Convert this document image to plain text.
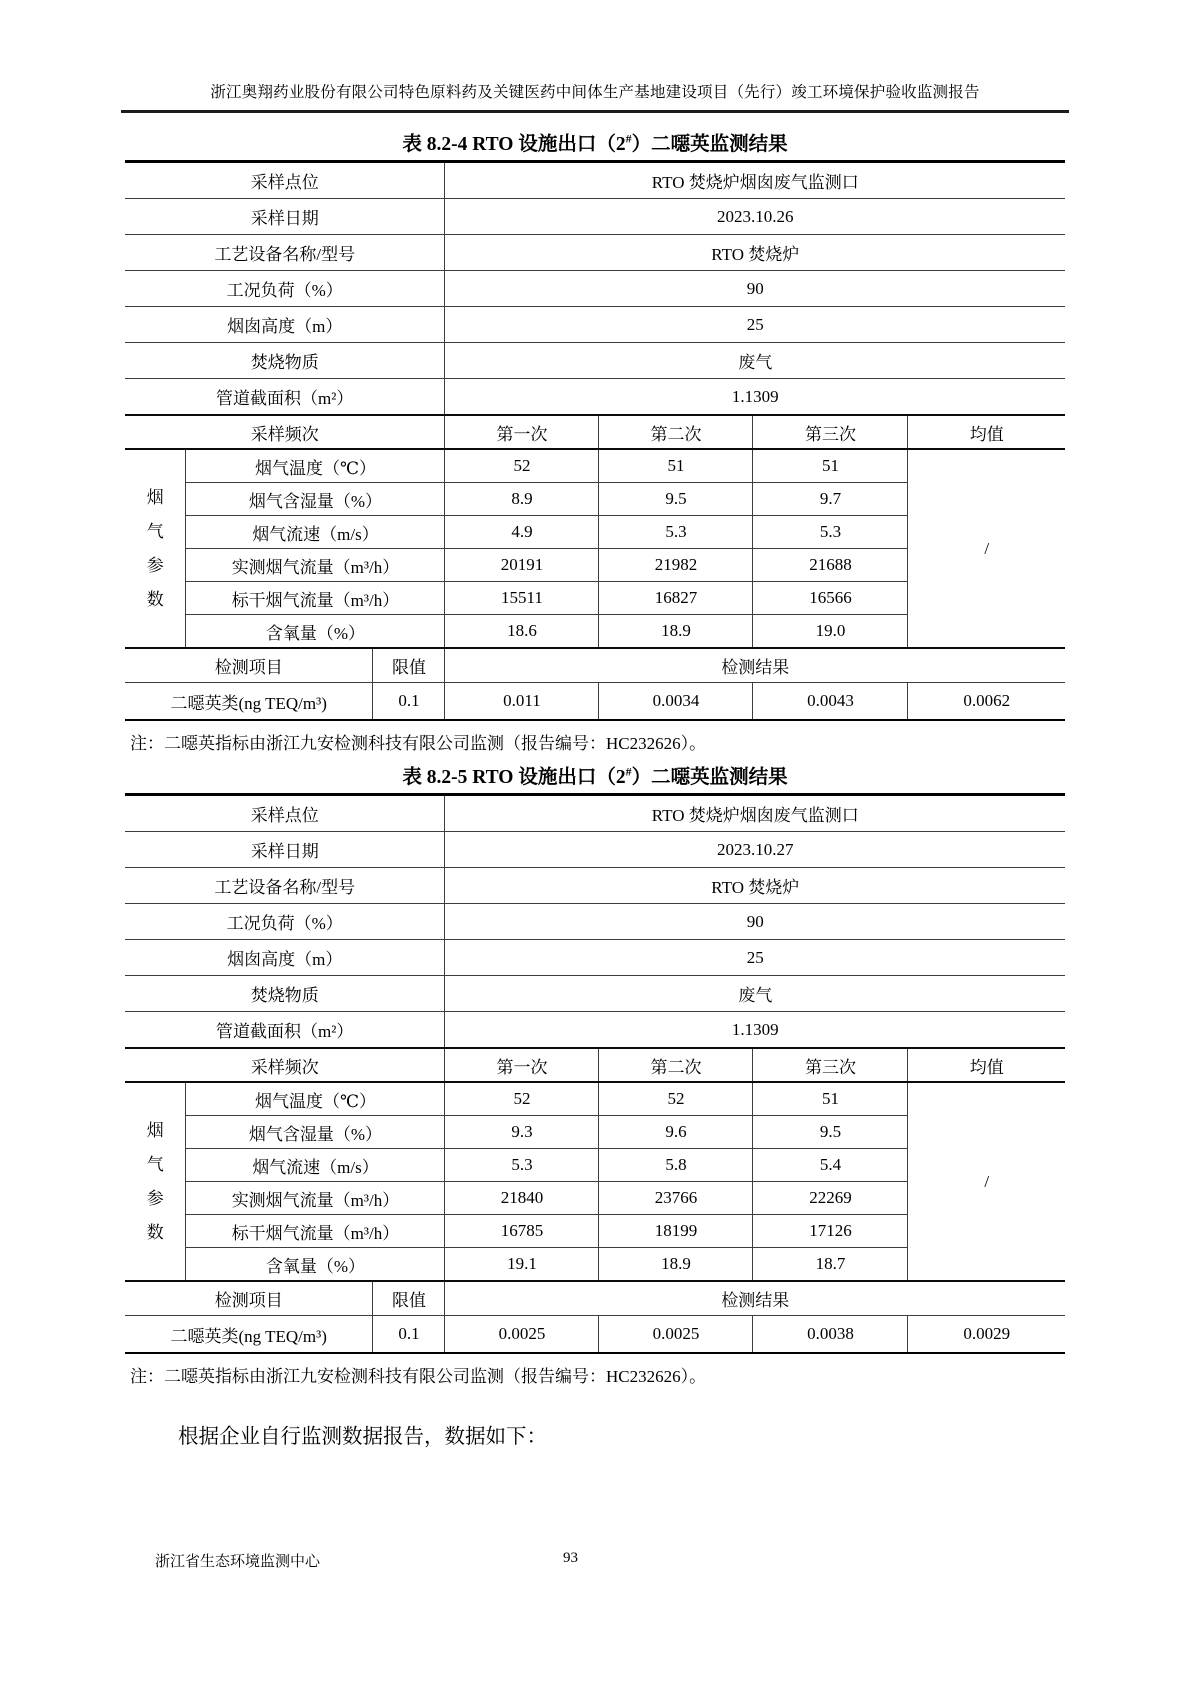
浙江奥翔药业股份有限公司特色原料药及关键医药中间体生产基地建设项目（先行）竣工环境保护验收监测报告
表 8.2-4 RTO 设施出口（2#）二噁英监测结果
采样点位			RTO 焚烧炉烟囱废气监测口			
采样日期			2023.10.26			
工艺设备名称/型号			RTO 焚烧炉			
工况负荷（%）			90			
烟囱高度（m）			25			
焚烧物质			废气			
管道截面积（m²）			1.1309			
采样频次			第一次	第二次	第三次	均值

烟气参数	烟气温度（℃）		52	51	51	/
	烟气含湿量（%）		8.9	9.5	9.7	
	烟气流速（m/s）		4.9	5.3	5.3	
	实测烟气流量（m³/h）		20191	21982	21688	
	标干烟气流量（m³/h）		15511	16827	16566	
	含氧量（%）		18.6	18.9	19.0	
检测项目		限值	检测结果			
二噁英类(ng TEQ/m³)		0.1	0.011	0.0034	0.0043	0.0062
注：二噁英指标由浙江九安检测科技有限公司监测（报告编号：HC232626）。
表 8.2-5 RTO 设施出口（2#）二噁英监测结果
采样点位			RTO 焚烧炉烟囱废气监测口			
采样日期			2023.10.27			
工艺设备名称/型号			RTO 焚烧炉			
工况负荷（%）			90			
烟囱高度（m）			25			
焚烧物质			废气			
管道截面积（m²）			1.1309			
采样频次			第一次	第二次	第三次	均值

烟气参数	烟气温度（℃）		52	52	51	/
	烟气含湿量（%）		9.3	9.6	9.5	
	烟气流速（m/s）		5.3	5.8	5.4	
	实测烟气流量（m³/h）		21840	23766	22269	
	标干烟气流量（m³/h）		16785	18199	17126	
	含氧量（%）		19.1	18.9	18.7	
检测项目		限值	检测结果			
二噁英类(ng TEQ/m³)		0.1	0.0025	0.0025	0.0038	0.0029
注：二噁英指标由浙江九安检测科技有限公司监测（报告编号：HC232626）。
根据企业自行监测数据报告，数据如下：
浙江省生态环境监测中心	93
